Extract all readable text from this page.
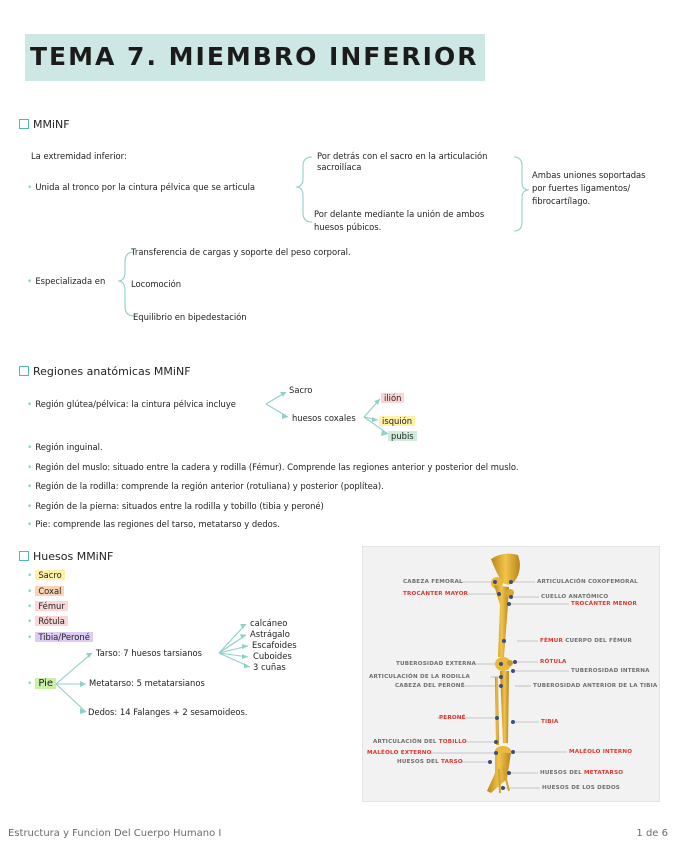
TEMA 7. MIEMBRO INFERIOR
MMiNF
La extremidad inferior:
• Unida al tronco por la cintura pélvica que se articula
Por detrás con el sacro en la articulación
sacroilíaca
Por delante mediante la unión de ambos
huesos púbicos.
Ambas uniones soportadas
por fuertes ligamentos/
fibrocartílago.
• Especializada en
Transferencia de cargas y soporte del peso corporal.
Locomoción
Equilibrio en bipedestación
Regiones anatómicas MMiNF
• Región glútea/pélvica: la cintura pélvica incluye
Sacro
huesos coxales
ilión
isquión
pubis
• Región inguinal.
• Región del muslo: situado entre la cadera y rodilla (Fémur). Comprende las regiones anterior y posterior del muslo.
• Región de la rodilla: comprende la región anterior (rotuliana) y posterior (poplítea).
• Región de la pierna: situados entre la rodilla y tobillo (tibia y peroné)
• Pie: comprende las regiones del tarso, metatarso y dedos.
Huesos MMiNF
• Sacro
• Coxal
• Fémur
• Rótula
• Tibia/Peroné
• Pie
Tarso: 7 huesos tarsianos
Metatarso: 5 metatarsianos
Dedos: 14 Falanges + 2 sesamoideos.
calcáneo
Astrágalo
Escafoides
Cuboides
3 cuñas
CABEZA FEMORAL
TROCÁNTER MAYOR
TUBEROSIDAD EXTERNA
ARTICULACIÓN DE LA RODILLA
CABEZA DEL PERONÉ
PERONÉ
ARTICULACIÓN DEL TOBILLO
MALÉOLO EXTERNO
HUESOS DEL TARSO
ARTICULACIÓN COXOFEMORAL
CUELLO ANATÓMICO
TROCÁNTER MENOR
FÉMUR CUERPO DEL FÉMUR
RÓTULA
TUBEROSIDAD INTERNA
TUBEROSIDAD ANTERIOR DE LA TIBIA
TIBIA
MALÉOLO INTERNO
HUESOS DEL METATARSO
HUESOS DE LOS DEDOS
Estructura y Funcion Del Cuerpo Humano I	1 de 6
